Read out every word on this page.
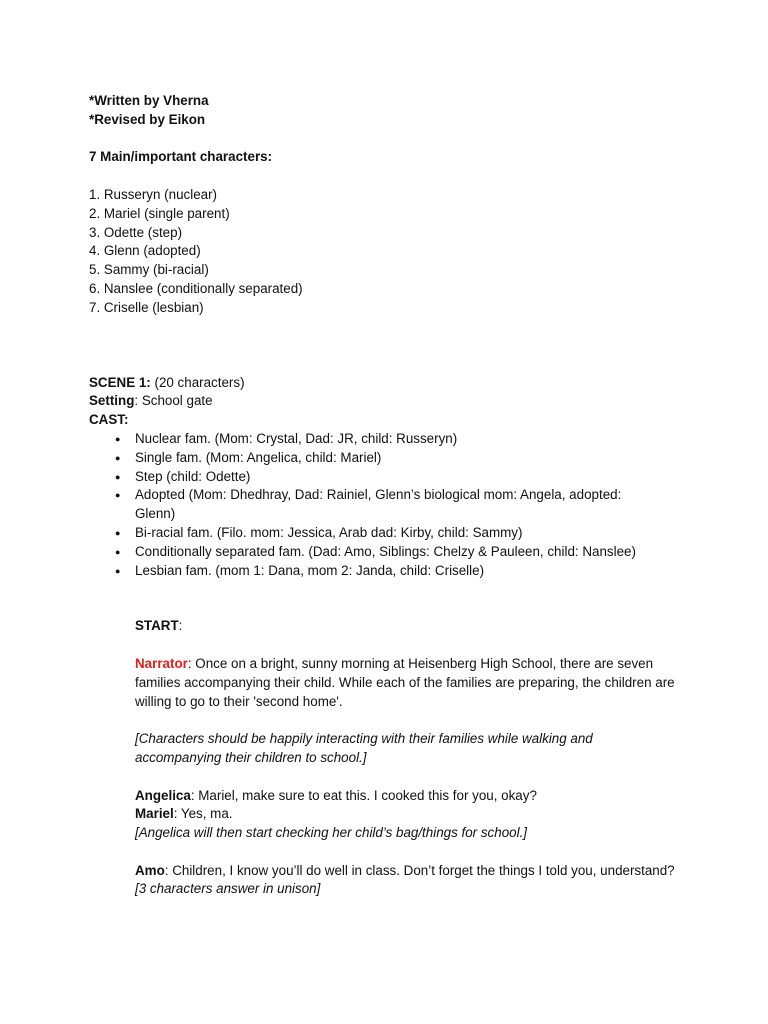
*Written by Vherna

*Revised by Eikon

7 Main/important characters:

1. Russeryn (nuclear)

2. Mariel (single parent)

3. Odette (step)

4. Glenn (adopted)

5. Sammy (bi-racial)

6. Nanslee (conditionally separated)

7. Criselle (lesbian)

SCENE 1: (20 characters)

Setting: School gate

CAST:

● Nuclear fam. (Mom: Crystal, Dad: JR, child: Russeryn)
● Single fam. (Mom: Angelica, child: Mariel)
● Step (child: Odette)
● Adopted (Mom: Dhedhray, Dad: Rainiel, Glenn’s biological mom: Angela, adopted: Glenn)
● Bi-racial fam. (Filo. mom: Jessica, Arab dad: Kirby, child: Sammy)
● Conditionally separated fam. (Dad: Amo, Siblings: Chelzy & Pauleen, child: Nanslee)
● Lesbian fam. (mom 1: Dana, mom 2: Janda, child: Criselle)

START:

Narrator: Once on a bright, sunny morning at Heisenberg High School, there are seven families accompanying their child. While each of the families are preparing, the children are willing to go to their 'second home'.

[Characters should be happily interacting with their families while walking and accompanying their children to school.]

Angelica: Mariel, make sure to eat this. I cooked this for you, okay?

Mariel: Yes, ma.

[Angelica will then start checking her child’s bag/things for school.]

Amo: Children, I know you’ll do well in class. Don’t forget the things I told you, understand?

[3 characters answer in unison]
